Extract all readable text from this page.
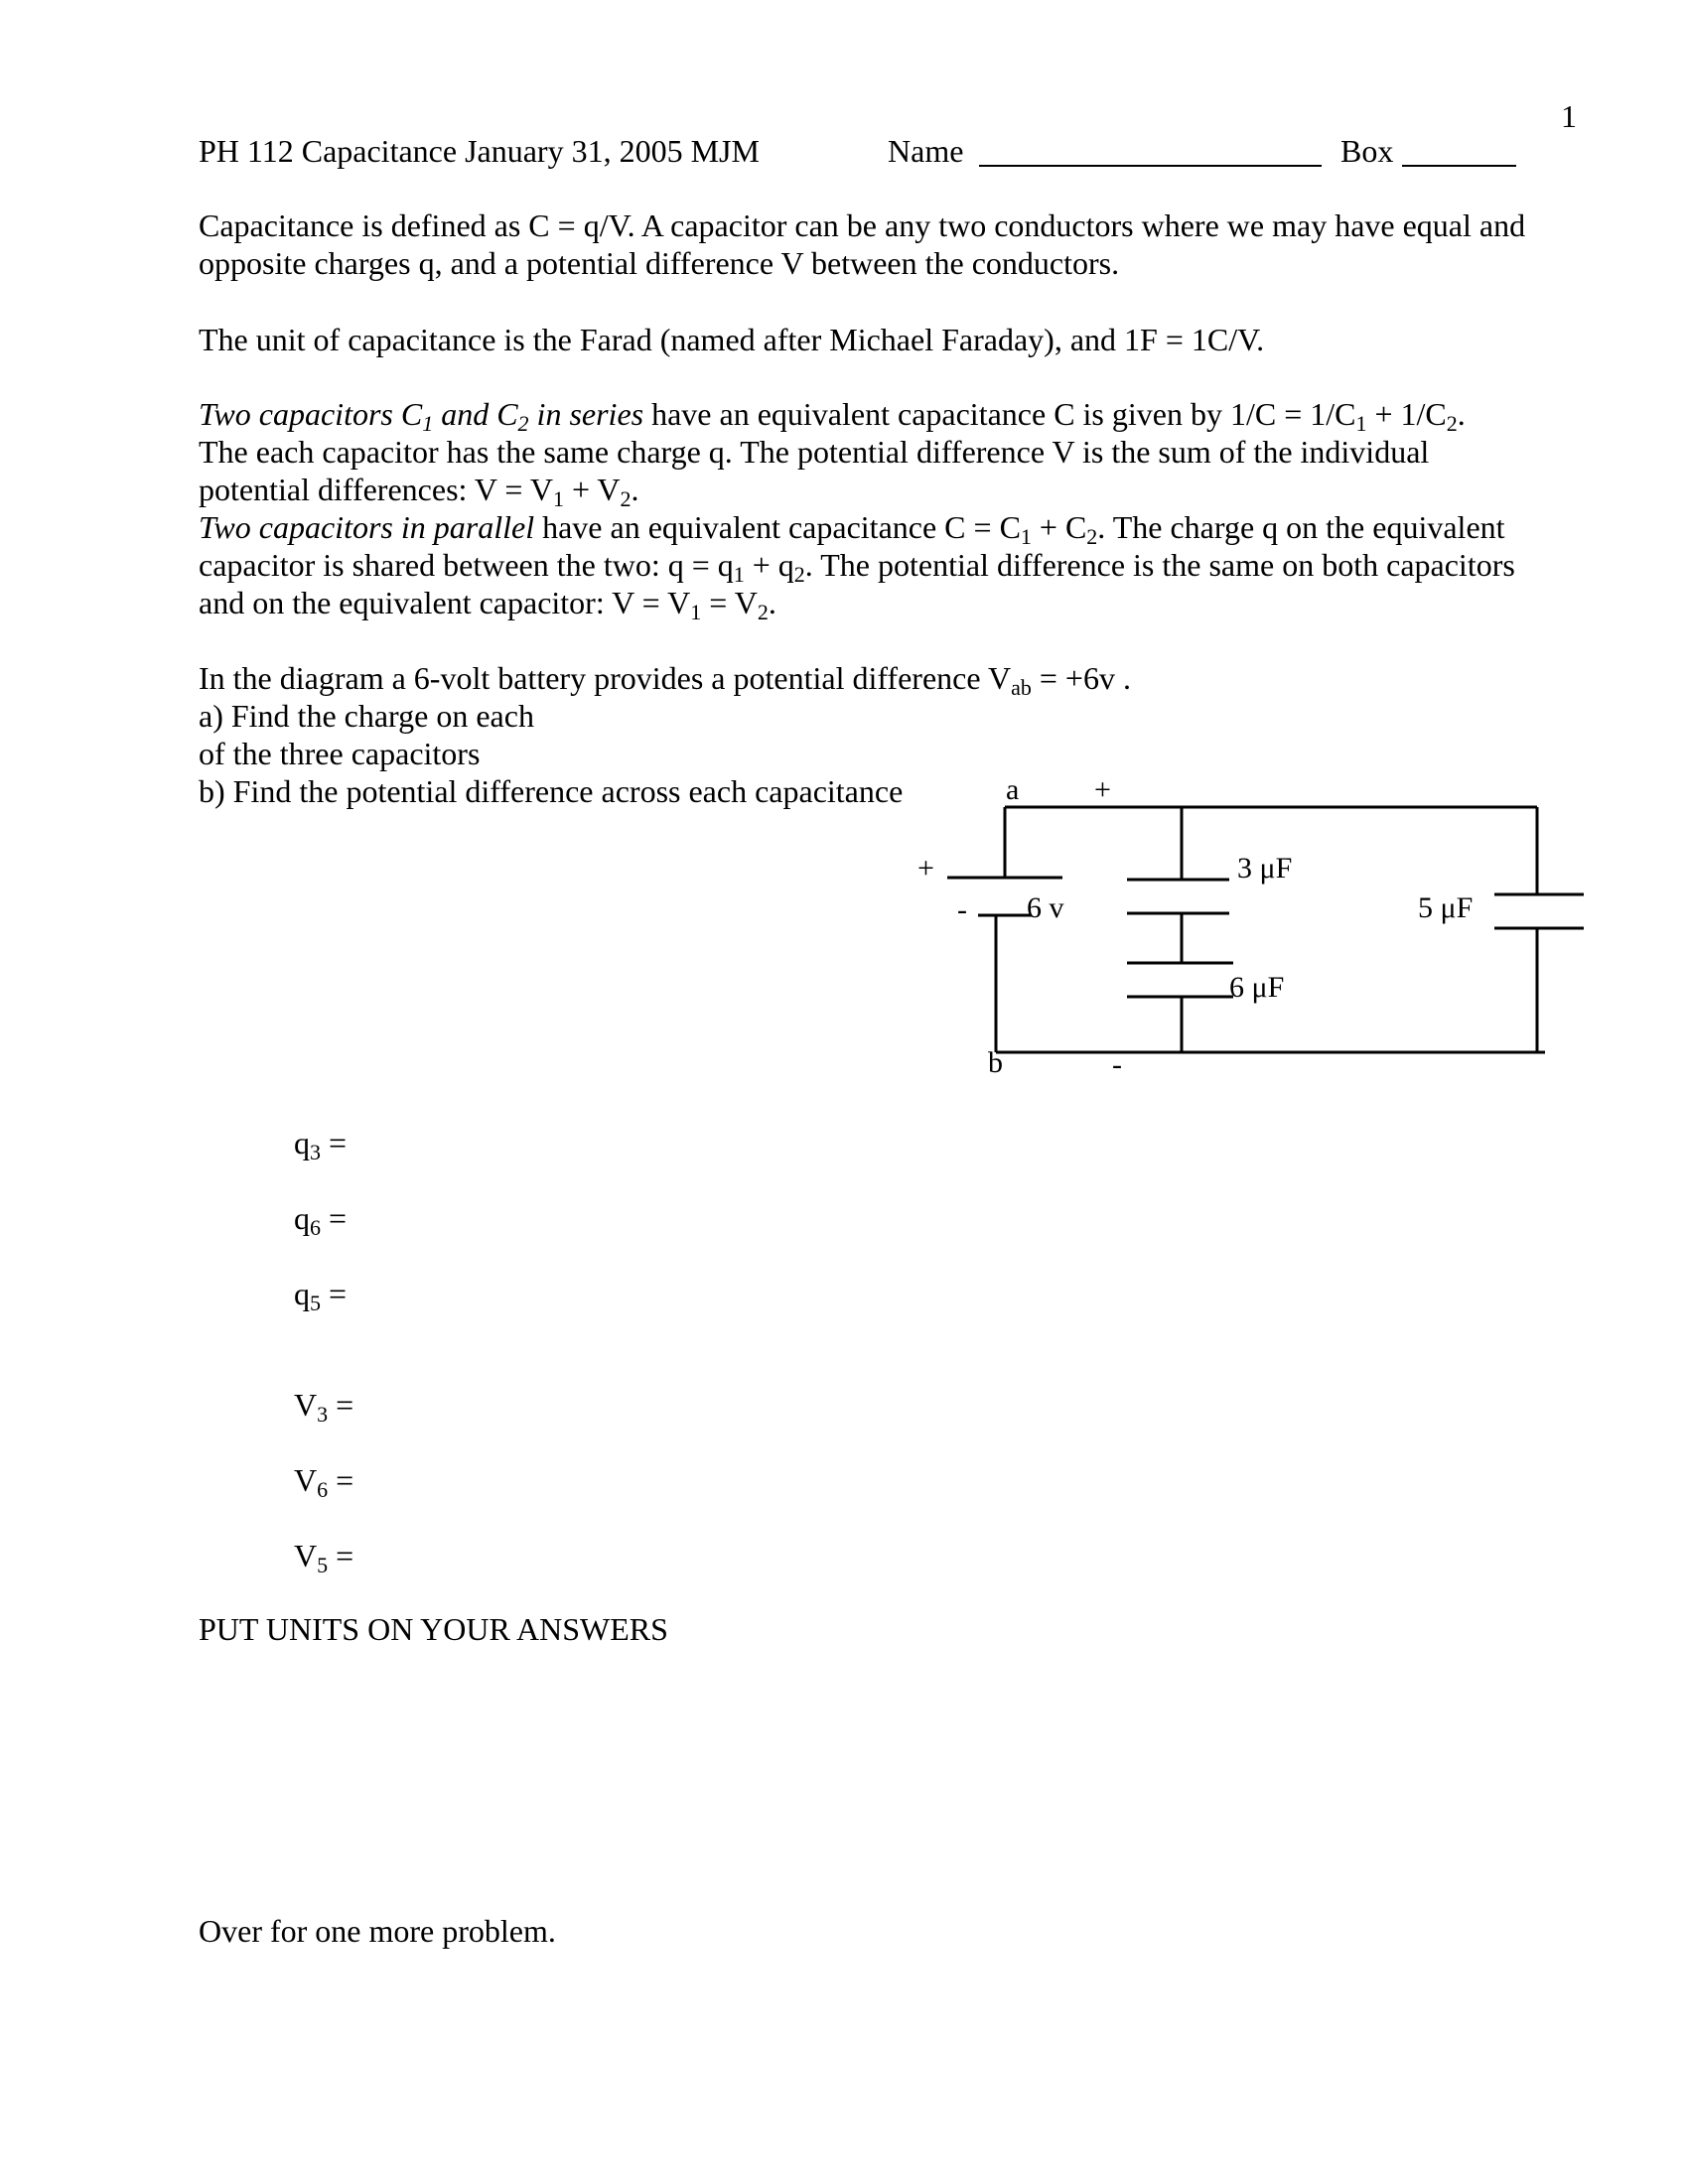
1
PH 112 Capacitance January 31, 2005 MJM	Name	Box
Capacitance is defined as C = q/V. A capacitor can be any two conductors where we may have equal and
opposite charges q, and a potential difference V between the conductors.
The unit of capacitance is the Farad (named after Michael Faraday), and 1F = 1C/V.
Two capacitors $C_1$ and $C_2$ in series have an equivalent capacitance C is given by $1/C = 1/C_1 + 1/C_2$.
The each capacitor has the same charge q. The potential difference V is the sum of the individual
potential differences: $V = V_1 + V_2$.
Two capacitors in parallel have an equivalent capacitance $C = C_1 + C_2$. The charge q on the equivalent
capacitor is shared between the two: $q = q_1 + q_2$. The potential difference is the same on both capacitors
and on the equivalent capacitor: $V = V_1 = V_2$.
In the diagram a 6-volt battery provides a potential difference $V_{ab} = +6v$ .
a) Find the charge on each
of the three capacitors
b) Find the potential difference across each capacitance	a	+
+
- 6 v
3 μF
6 μF
5 μF
b	-
$q_3$ =
$q_6$ =
$q_5$ =
$V_3$ =
$V_6$ =
$V_5$ =
PUT UNITS ON YOUR ANSWERS
Over for one more problem.
